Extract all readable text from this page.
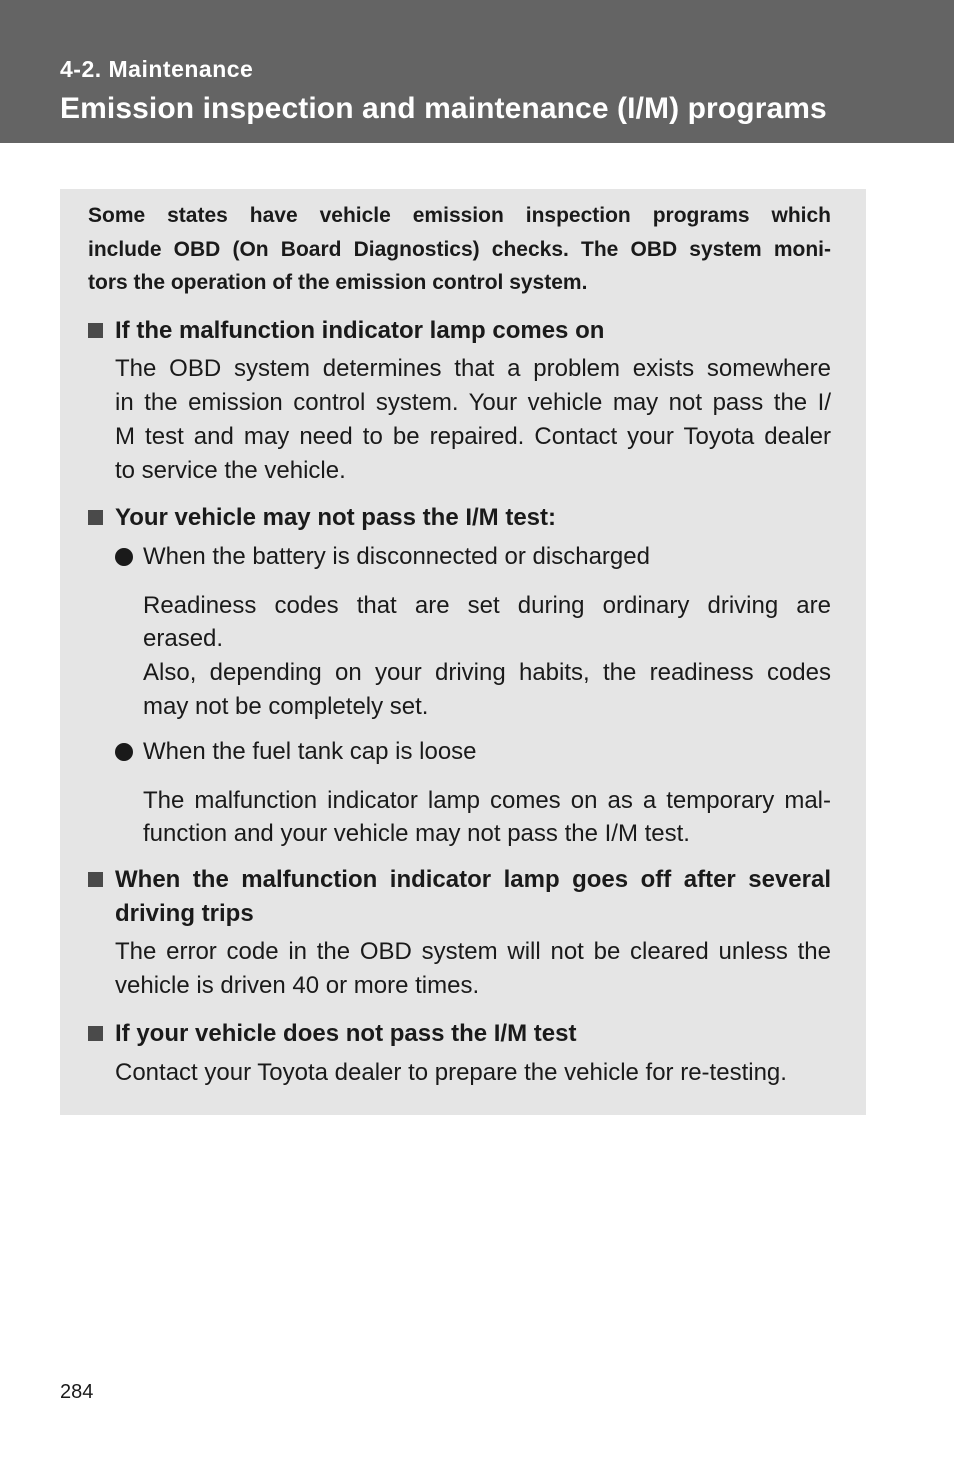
4-2. Maintenance
Emission inspection and maintenance (I/M) programs
Some states have vehicle emission inspection programs which
include OBD (On Board Diagnostics) checks. The OBD system moni-
tors the operation of the emission control system.
If the malfunction indicator lamp comes on
The OBD system determines that a problem exists somewhere
in the emission control system. Your vehicle may not pass the I/
M test and may need to be repaired. Contact your Toyota dealer
to service the vehicle.
Your vehicle may not pass the I/M test:
When the battery is disconnected or discharged
Readiness codes that are set during ordinary driving are
erased.
Also, depending on your driving habits, the readiness codes
may not be completely set.
When the fuel tank cap is loose
The malfunction indicator lamp comes on as a temporary mal-
function and your vehicle may not pass the I/M test.
When the malfunction indicator lamp goes off after several
driving trips
The error code in the OBD system will not be cleared unless the
vehicle is driven 40 or more times.
If your vehicle does not pass the I/M test
Contact your Toyota dealer to prepare the vehicle for re-testing.
284
